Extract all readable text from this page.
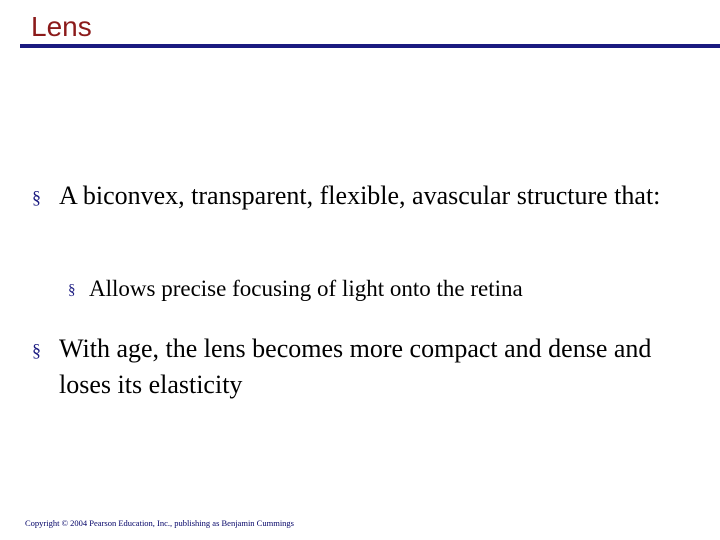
Lens
§ A biconvex, transparent, flexible, avascular structure that:
§ Allows precise focusing of light onto the retina
§ With age, the lens becomes more compact and dense and loses its elasticity
Copyright © 2004 Pearson Education, Inc., publishing as Benjamin Cummings
